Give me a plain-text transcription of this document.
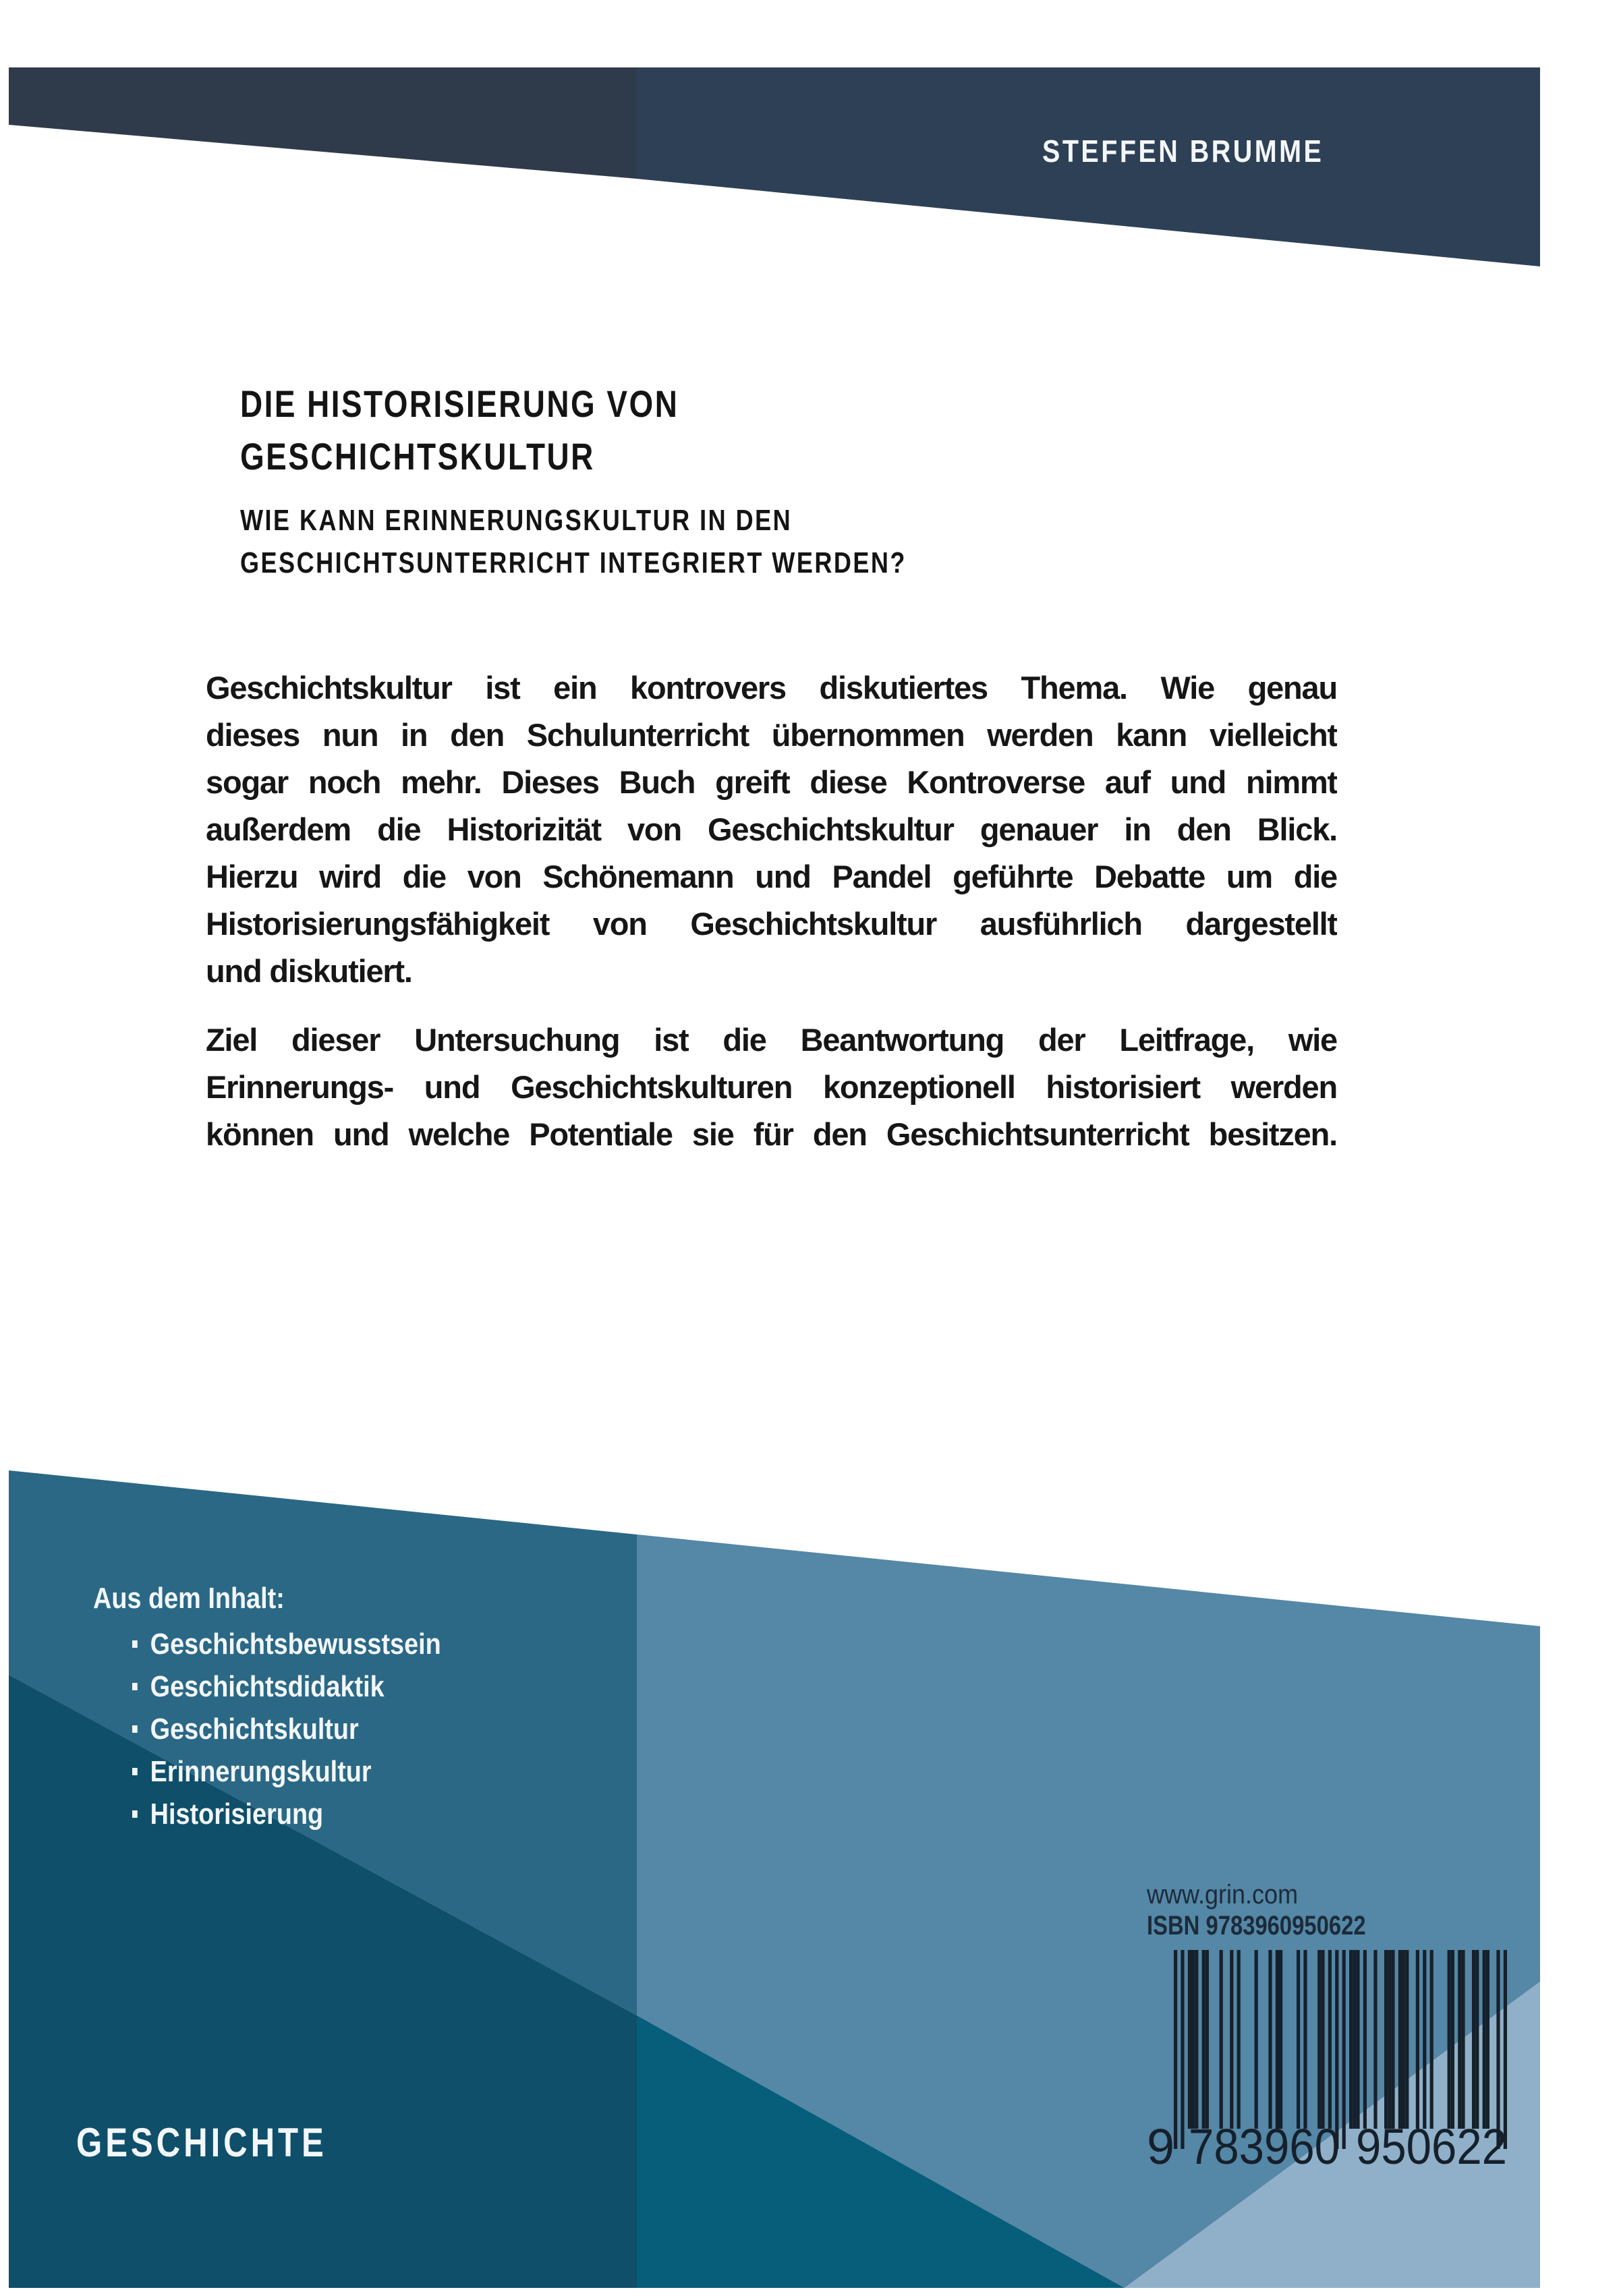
STEFFEN BRUMME
DIE HISTORISIERUNG VON
GESCHICHTSKULTUR
WIE KANN ERINNERUNGSKULTUR IN DEN
GESCHICHTSUNTERRICHT INTEGRIERT WERDEN?
Geschichtskultur ist ein kontrovers diskutiertes Thema. Wie genau
dieses nun in den Schulunterricht übernommen werden kann vielleicht
sogar noch mehr. Dieses Buch greift diese Kontroverse auf und nimmt
außerdem die Historizität von Geschichtskultur genauer in den Blick.
Hierzu wird die von Schönemann und Pandel geführte Debatte um die
Historisierungsfähigkeit von Geschichtskultur ausführlich dargestellt
und diskutiert.
Ziel dieser Untersuchung ist die Beantwortung der Leitfrage, wie
Erinnerungs- und Geschichtskulturen konzeptionell historisiert werden
können und welche Potentiale sie für den Geschichtsunterricht besitzen.
Aus dem Inhalt:
Geschichtsbewusstsein
Geschichtsdidaktik
Geschichtskultur
Erinnerungskultur
Historisierung
GESCHICHTE
www.grin.com
ISBN 9783960950622
9 783960 950622
